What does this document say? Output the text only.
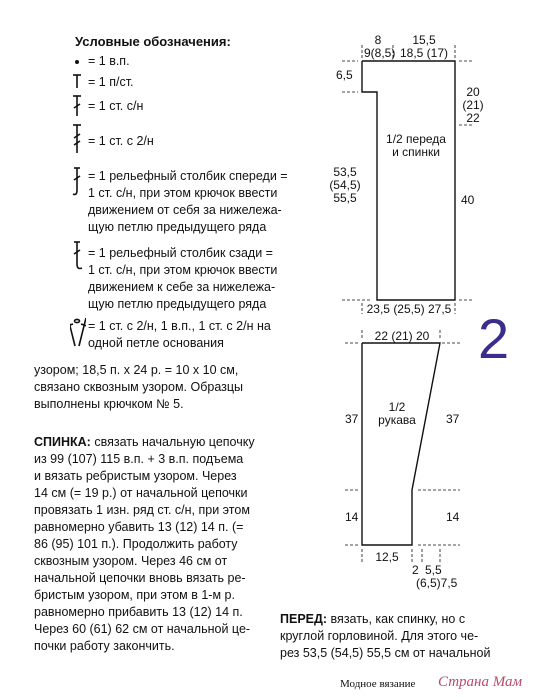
Условные обозначения:
= 1 в.п.
= 1 п/ст.
= 1 ст. с/н
= 1 ст. с 2/н
= 1 рельефный столбик спереди =
1 ст. с/н, при этом крючок ввести
движением от себя за нижележа-
щую петлю предыдущего ряда
= 1 рельефный столбик сзади =
1 ст. с/н, при этом крючок ввести
движением к себе за нижележа-
щую петлю предыдущего ряда
= 1 ст. с 2/н, 1 в.п., 1 ст. с 2/н на
одной петле основания
узором; 18,5 п. х 24 р. = 10 х 10 см,
связано сквозным узором. Образцы
выполнены крючком № 5.
СПИНКА: связать начальную цепочку
из 99 (107) 115 в.п. + 3 в.п. подъема
и вязать ребристым узором. Через
14 см (= 19 р.) от начальной цепочки
провязать 1 изн. ряд ст. с/н, при этом
равномерно убавить 13 (12) 14 п. (=
86 (95) 101 п.). Продолжить работу
сквозным узором. Через 46 см от
начальной цепочки вновь вязать ре-
бристым узором, при этом в 1-м р.
равномерно прибавить 13 (12) 14 п.
Через 60 (61) 62 см от начальной це-
почки работу закончить.
ПЕРЕД: вязать, как спинку, но с
круглой горловиной. Для этого че-
рез 53,5 (54,5) 55,5 см от начальной
2
8
9(8,5)
15,5
18,5 (17)
6,5
20
(21)
22
40
53,5
(54,5)
55,5
1/2 переда
и спинки
23,5 (25,5) 27,5
22 (21) 20
1/2
рукава
37	37
14	14
12,5
2 5,5
(6,5)7,5
Модное вязание Страна Мам
